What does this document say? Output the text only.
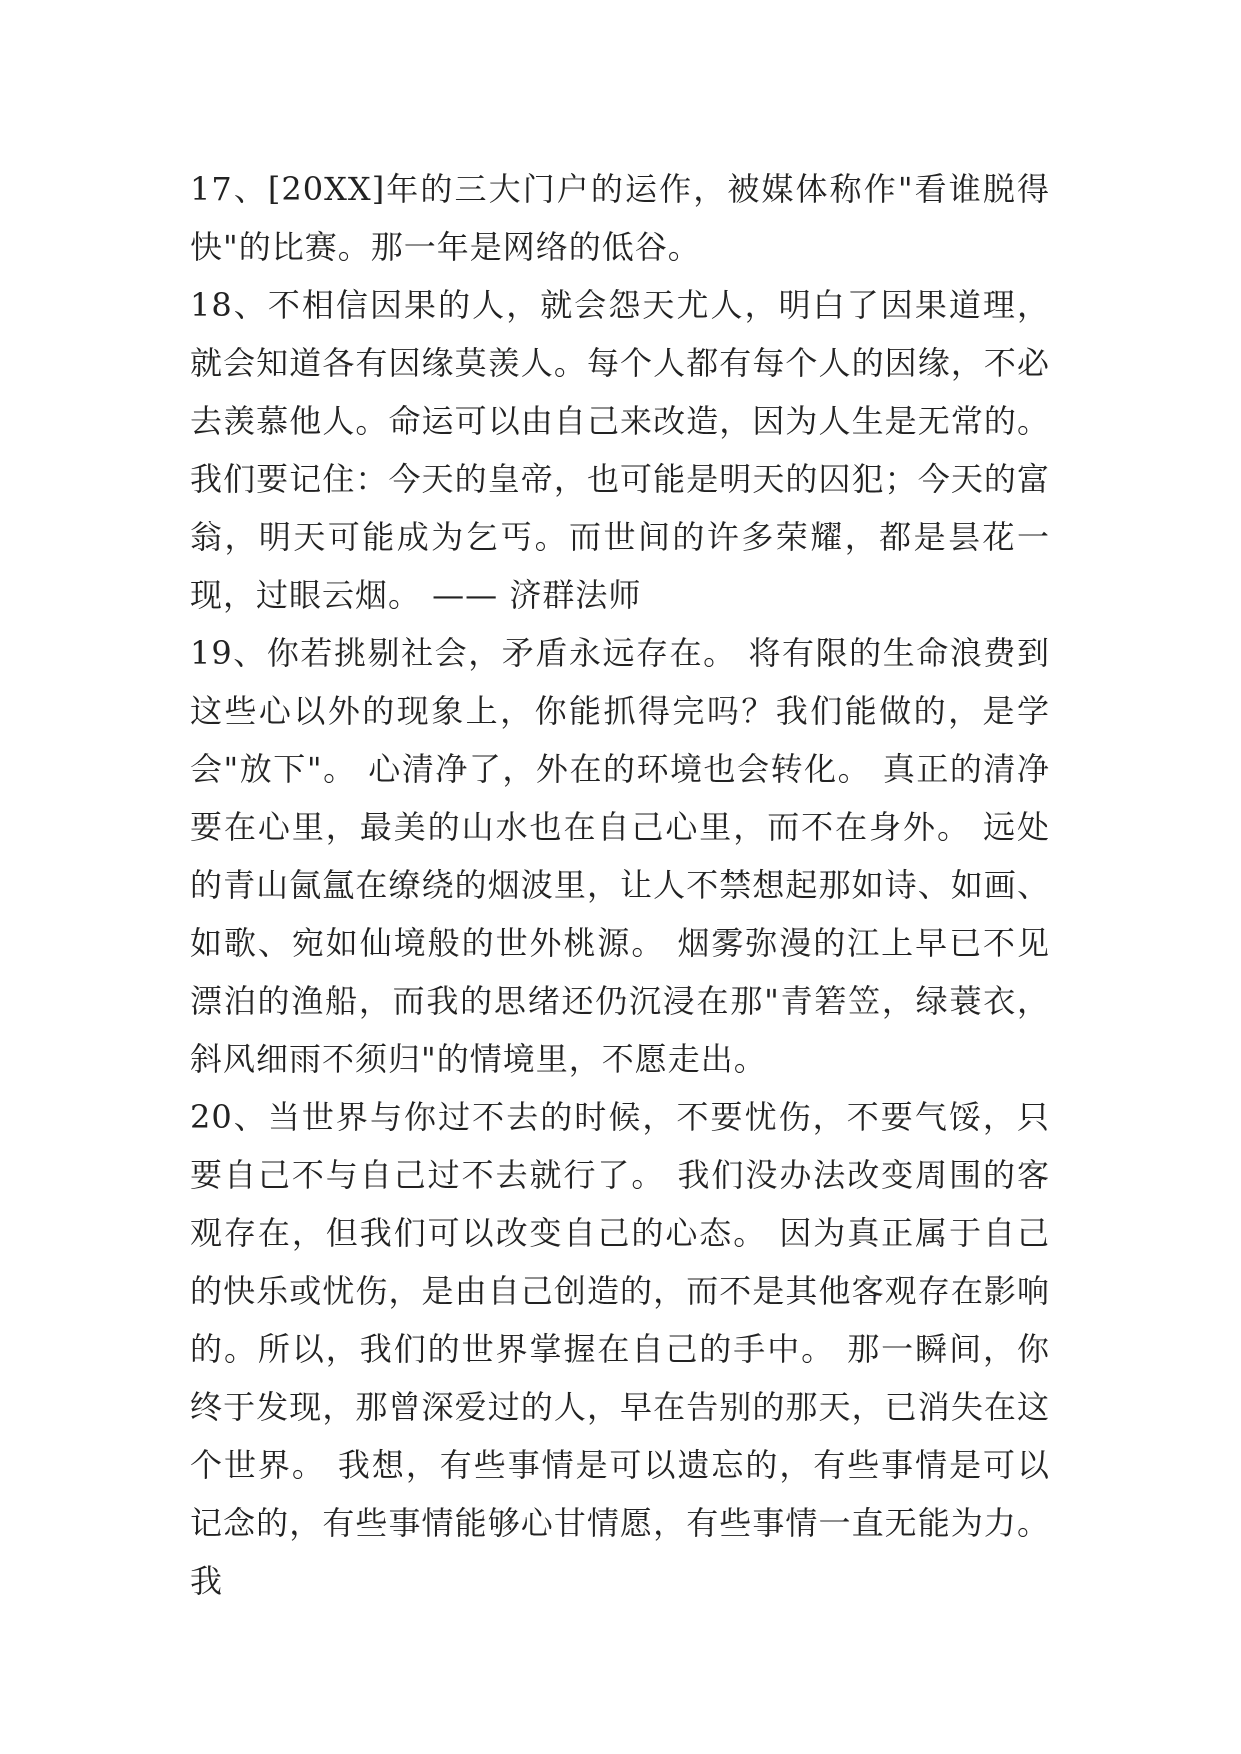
17、[20XX]年的三大门户的运作，被媒体称作"看谁脱得快"的比赛。那一年是网络的低谷。

18、不相信因果的人，就会怨天尤人，明白了因果道理，就会知道各有因缘莫羡人。每个人都有每个人的因缘，不必去羡慕他人。命运可以由自己来改造，因为人生是无常的。我们要记住：今天的皇帝，也可能是明天的囚犯；今天的富翁，明天可能成为乞丐。而世间的许多荣耀，都是昙花一现，过眼云烟。 —— 济群法师

19、你若挑剔社会，矛盾永远存在。 将有限的生命浪费到这些心以外的现象上，你能抓得完吗？我们能做的，是学会"放下"。 心清净了，外在的环境也会转化。 真正的清净要在心里，最美的山水也在自己心里，而不在身外。 远处的青山氤氲在缭绕的烟波里，让人不禁想起那如诗、如画、如歌、宛如仙境般的世外桃源。 烟雾弥漫的江上早已不见漂泊的渔船，而我的思绪还仍沉浸在那"青箬笠，绿蓑衣，斜风细雨不须归"的情境里，不愿走出。

20、当世界与你过不去的时候，不要忧伤，不要气馁，只要自己不与自己过不去就行了。 我们没办法改变周围的客观存在，但我们可以改变自己的心态。 因为真正属于自己的快乐或忧伤，是由自己创造的，而不是其他客观存在影响的。所以，我们的世界掌握在自己的手中。 那一瞬间，你终于发现，那曾深爱过的人，早在告别的那天，已消失在这个世界。 我想，有些事情是可以遗忘的，有些事情是可以记念的，有些事情能够心甘情愿，有些事情一直无能为力。 我
